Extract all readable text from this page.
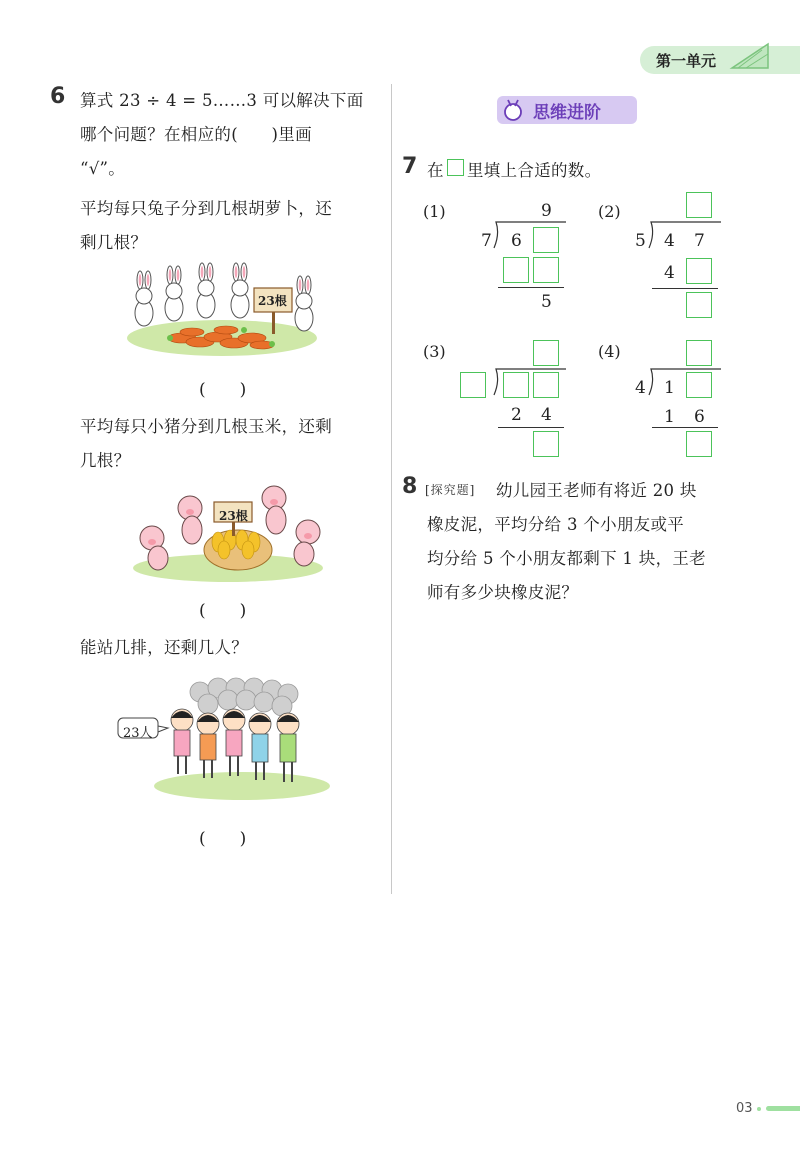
第一单元
6 算式 23 ÷ 4 = 5……3 可以解决下面
哪个问题？在相应的(　　)里画
“√”。
平均每只兔子分到几根胡萝卜，还
剩几根？
23根
(　　)
平均每只小猪分到几根玉米，还剩
几根？
23根
(　　)
能站几排，还剩几人？
23人
(　　)
思维进阶
7 在 里填上合适的数。
(1)	9
7 6
5
(2)
5 4 7
4
(3)
2 4
(4)
4 1
1 6
8 [探究题] 幼儿园王老师有将近 20 块
橡皮泥，平均分给 3 个小朋友或平
均分给 5 个小朋友都剩下 1 块，王老
师有多少块橡皮泥？
03
